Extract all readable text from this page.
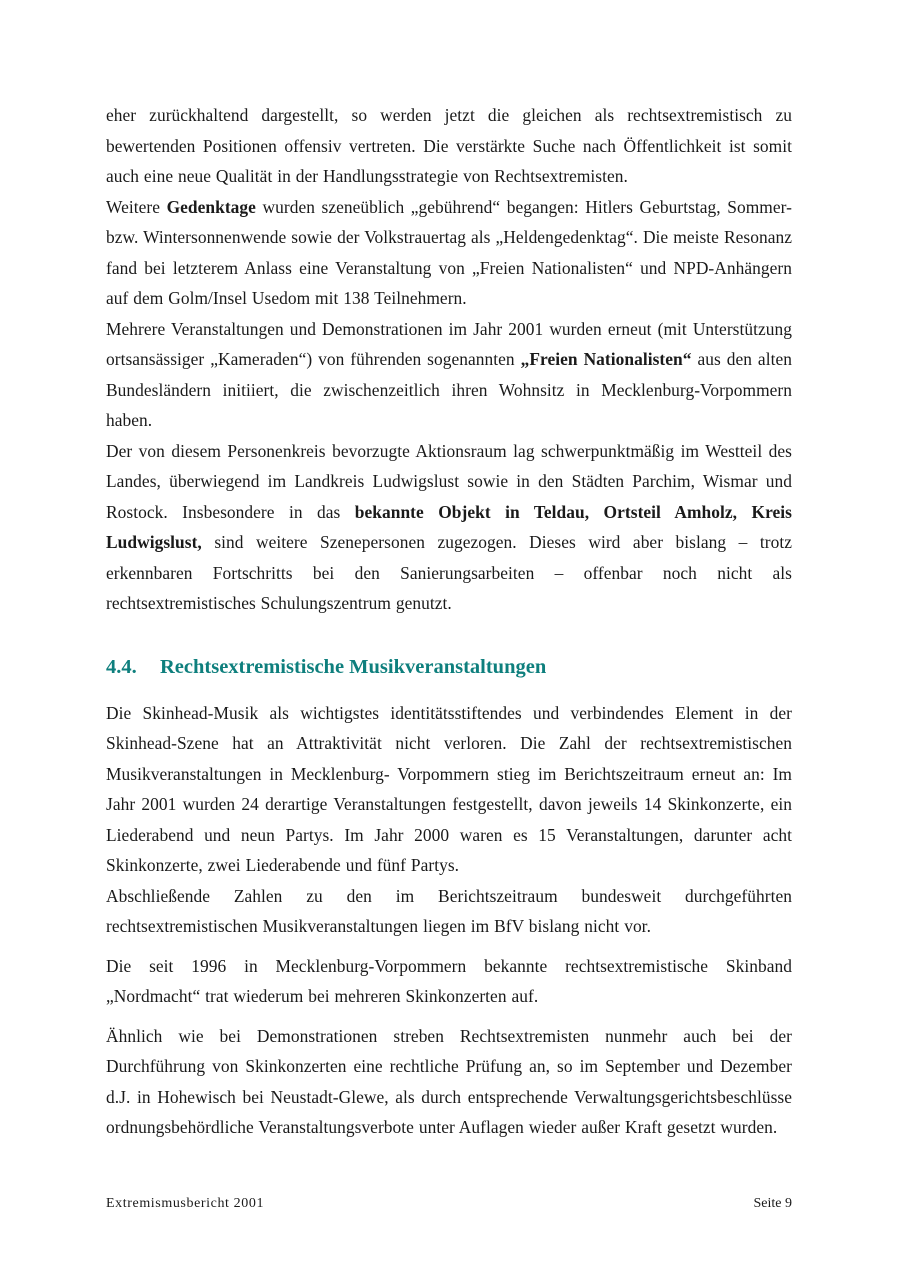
eher zurückhaltend dargestellt, so werden jetzt die gleichen als rechtsextremistisch zu bewertenden Positionen offensiv vertreten. Die verstärkte Suche nach Öffentlichkeit ist somit auch eine neue Qualität in der Handlungsstrategie von Rechtsextremisten.

Weitere Gedenktage wurden szeneüblich „gebührend“ begangen: Hitlers Geburtstag, Sommer- bzw. Wintersonnenwende sowie der Volkstrauertag als „Heldengedenktag“. Die meiste Resonanz fand bei letzterem Anlass eine Veranstaltung von „Freien Nationalisten“ und NPD-Anhängern auf dem Golm/Insel Usedom mit 138 Teilnehmern.

Mehrere Veranstaltungen und Demonstrationen im Jahr 2001 wurden erneut (mit Unterstützung ortsansässiger „Kameraden“) von führenden sogenannten „Freien Nationalisten“ aus den alten Bundesländern initiiert, die zwischenzeitlich ihren Wohnsitz in Mecklenburg-Vorpommern haben.

Der von diesem Personenkreis bevorzugte Aktionsraum lag schwerpunktmäßig im Westteil des Landes, überwiegend im Landkreis Ludwigslust sowie in den Städten Parchim, Wismar und Rostock. Insbesondere in das bekannte Objekt in Teldau, Ortsteil Amholz, Kreis Ludwigslust, sind weitere Szenepersonen zugezogen. Dieses wird aber bislang – trotz erkennbaren Fortschritts bei den Sanierungsarbeiten – offenbar noch nicht als rechtsextremistisches Schulungszentrum genutzt.

4.4.	Rechtsextremistische Musikveranstaltungen

Die Skinhead-Musik als wichtigstes identitätsstiftendes und verbindendes Element in der Skinhead-Szene hat an Attraktivität nicht verloren. Die Zahl der rechtsextremistischen Musikveranstaltungen in Mecklenburg- Vorpommern stieg im Berichtszeitraum erneut an: Im Jahr 2001 wurden 24 derartige Veranstaltungen festgestellt, davon jeweils 14 Skinkonzerte, ein Liederabend und neun Partys. Im Jahr 2000 waren es 15 Veranstaltungen, darunter acht Skinkonzerte, zwei Liederabende und fünf Partys.

Abschließende Zahlen zu den im Berichtszeitraum bundesweit durchgeführten rechtsextremistischen Musikveranstaltungen liegen im BfV bislang nicht vor.

Die seit 1996 in Mecklenburg-Vorpommern bekannte rechtsextremistische Skinband „Nordmacht“ trat wiederum bei mehreren Skinkonzerten auf.

Ähnlich wie bei Demonstrationen streben Rechtsextremisten nunmehr auch bei der Durchführung von Skinkonzerten eine rechtliche Prüfung an, so im September und Dezember d.J. in Hohewisch bei Neustadt-Glewe, als durch entsprechende Verwaltungsgerichtsbeschlüsse ordnungsbehördliche Veranstaltungsverbote unter Auflagen wieder außer Kraft gesetzt wurden.

Extremismusbericht 2001	Seite 9
